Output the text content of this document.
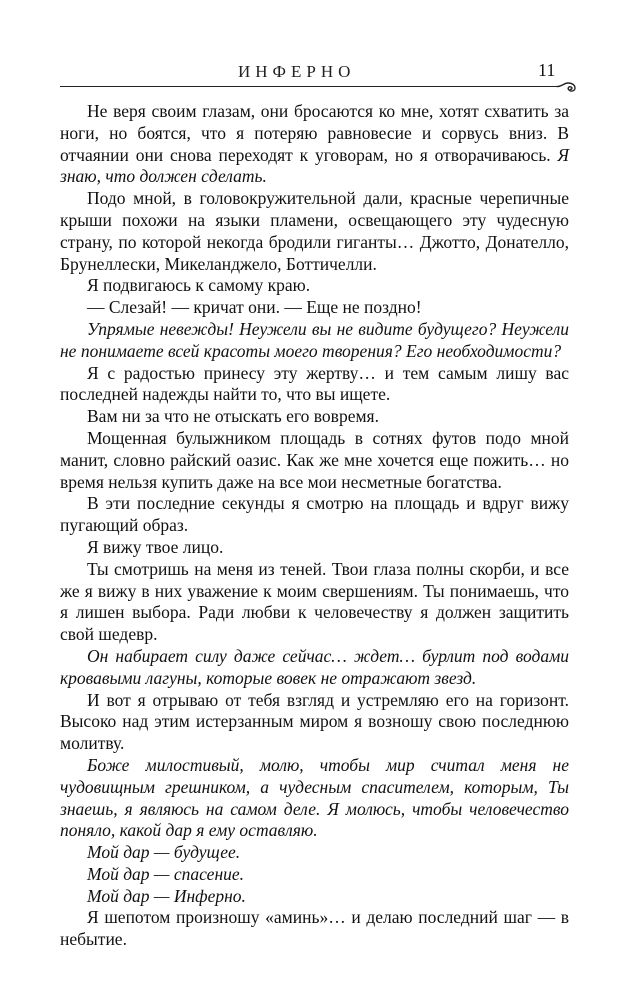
ИНФЕРНО	11

Не веря своим глазам, они бросаются ко мне, хотят схватить за ноги, но боятся, что я потеряю равновесие и сорвусь вниз. В отчаянии они снова переходят к уговорам, но я отворачиваюсь. Я знаю, что должен сделать.

Подо мной, в головокружительной дали, красные черепичные крыши похожи на языки пламени, освещающего эту чудесную страну, по которой некогда бродили гиганты… Джотто, Донателло, Брунеллески, Микеланджело, Боттичелли.

Я подвигаюсь к самому краю.

— Слезай! — кричат они. — Еще не поздно!

Упрямые невежды! Неужели вы не видите будущего? Неужели не понимаете всей красоты моего творения? Его необходимости?

Я с радостью принесу эту жертву… и тем самым лишу вас последней надежды найти то, что вы ищете.

Вам ни за что не отыскать его вовремя.

Мощенная булыжником площадь в сотнях футов подо мной манит, словно райский оазис. Как же мне хочется еще пожить… но время нельзя купить даже на все мои несметные богатства.

В эти последние секунды я смотрю на площадь и вдруг вижу пугающий образ.

Я вижу твое лицо.

Ты смотришь на меня из теней. Твои глаза полны скорби, и все же я вижу в них уважение к моим свершениям. Ты понимаешь, что я лишен выбора. Ради любви к человечеству я должен защитить свой шедевр.

Он набирает силу даже сейчас… ждет… бурлит под водами кровавыми лагуны, которые вовек не отражают звезд.

И вот я отрываю от тебя взгляд и устремляю его на горизонт. Высоко над этим истерзанным миром я возношу свою последнюю молитву.

Боже милостивый, молю, чтобы мир считал меня не чудовищным грешником, а чудесным спасителем, которым, Ты знаешь, я являюсь на самом деле. Я молюсь, чтобы человечество поняло, какой дар я ему оставляю.

Мой дар — будущее.

Мой дар — спасение.

Мой дар — Инферно.

Я шепотом произношу «аминь»… и делаю последний шаг — в небытие.
